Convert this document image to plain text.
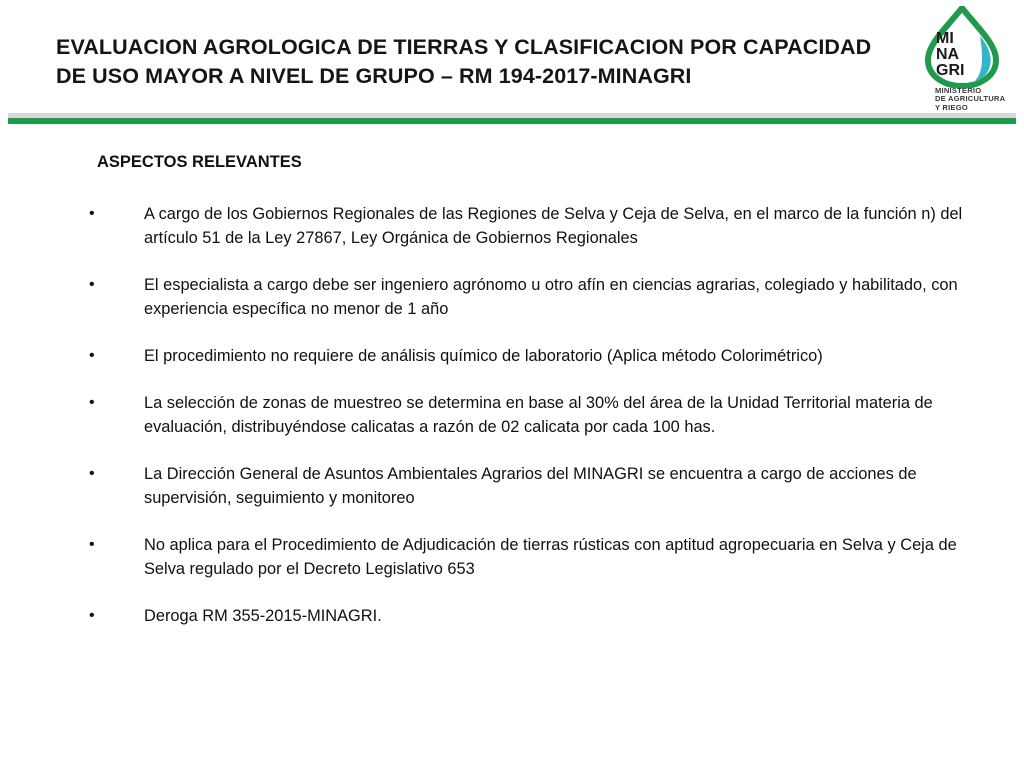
EVALUACION AGROLOGICA DE TIERRAS Y CLASIFICACION POR CAPACIDAD
DE USO MAYOR A NIVEL DE GRUPO – RM 194-2017-MINAGRI
MI
NA
GRI
MINISTERIO
DE AGRICULTURA
Y RIEGO
ASPECTOS RELEVANTES
•	A cargo de los Gobiernos Regionales de las Regiones de Selva y Ceja de Selva, en el marco de la función n) del artículo 51 de la Ley 27867, Ley Orgánica de Gobiernos Regionales
•	El especialista a cargo debe ser ingeniero agrónomo u otro afín en ciencias agrarias, colegiado y habilitado, con experiencia específica no menor de 1 año
•	El procedimiento no requiere de análisis químico de laboratorio (Aplica método Colorimétrico)
•	La selección de zonas de muestreo se determina en base al 30% del área de la Unidad Territorial materia de evaluación, distribuyéndose calicatas a razón de 02 calicata por cada 100 has.
•	La Dirección General de Asuntos Ambientales Agrarios del MINAGRI se encuentra a cargo de acciones de supervisión, seguimiento y monitoreo
•	No aplica para el Procedimiento de Adjudicación de tierras rústicas con aptitud agropecuaria en Selva y Ceja de Selva regulado por el Decreto Legislativo 653
•	Deroga RM 355-2015-MINAGRI.
